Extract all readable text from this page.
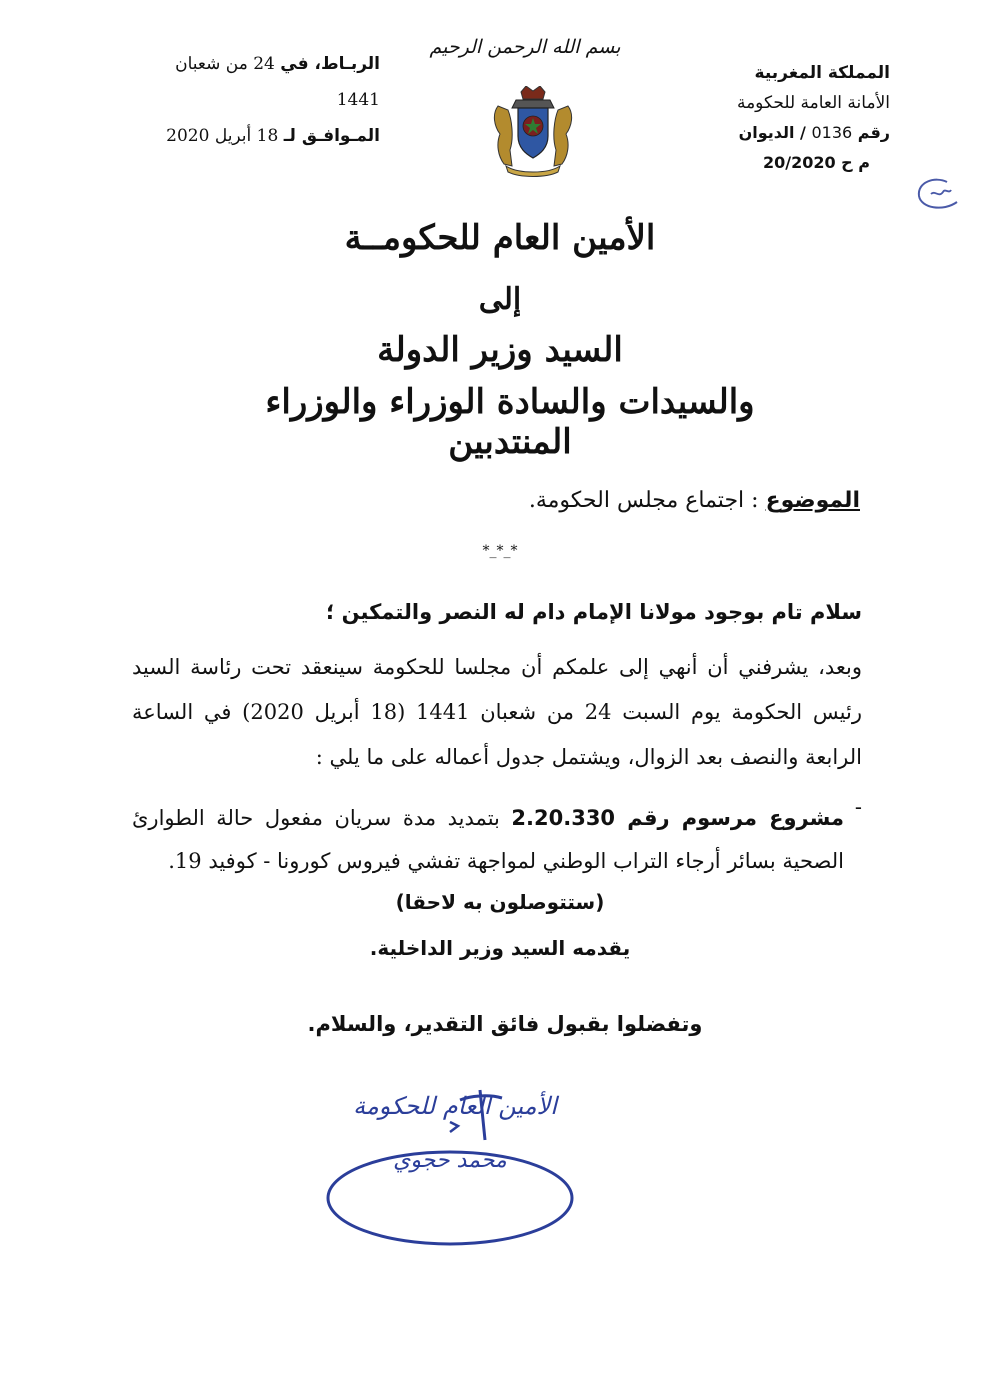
المملكة المغربية
الأمانة العامة للحكومة
رقم 0136 / الديوان
م ح 20/2020
بسم الله الرحمن الرحيم
الربـاط، في 24 من شعبان 1441
المـوافـق لـ 18 أبريل 2020
الأمين العام للحكومــة
إلى
السيد وزير الدولة
والسيدات والسادة الوزراء والوزراء المنتدبين
الموضوع : اجتماع مجلس الحكومة.
*_*_*
سلام تام بوجود مولانا الإمام دام له النصر والتمكين ؛
وبعد، يشرفني أن أنهي إلى علمكم أن مجلسا للحكومة سينعقد تحت رئاسة السيد رئيس الحكومة يوم السبت 24 من شعبان 1441 (18 أبريل 2020) في الساعة الرابعة والنصف بعد الزوال، ويشتمل جدول أعماله على ما يلي :
-
مشروع مرسوم رقم 2.20.330 بتمديد مدة سريان مفعول حالة الطوارئ الصحية بسائر أرجاء التراب الوطني لمواجهة تفشي فيروس كورونا - كوفيد 19.
(ستتوصلون به لاحقا)
يقدمه السيد وزير الداخلية.
وتفضلوا بقبول فائق التقدير، والسلام.
الأمين العام للحكومة
محمد حجوي
